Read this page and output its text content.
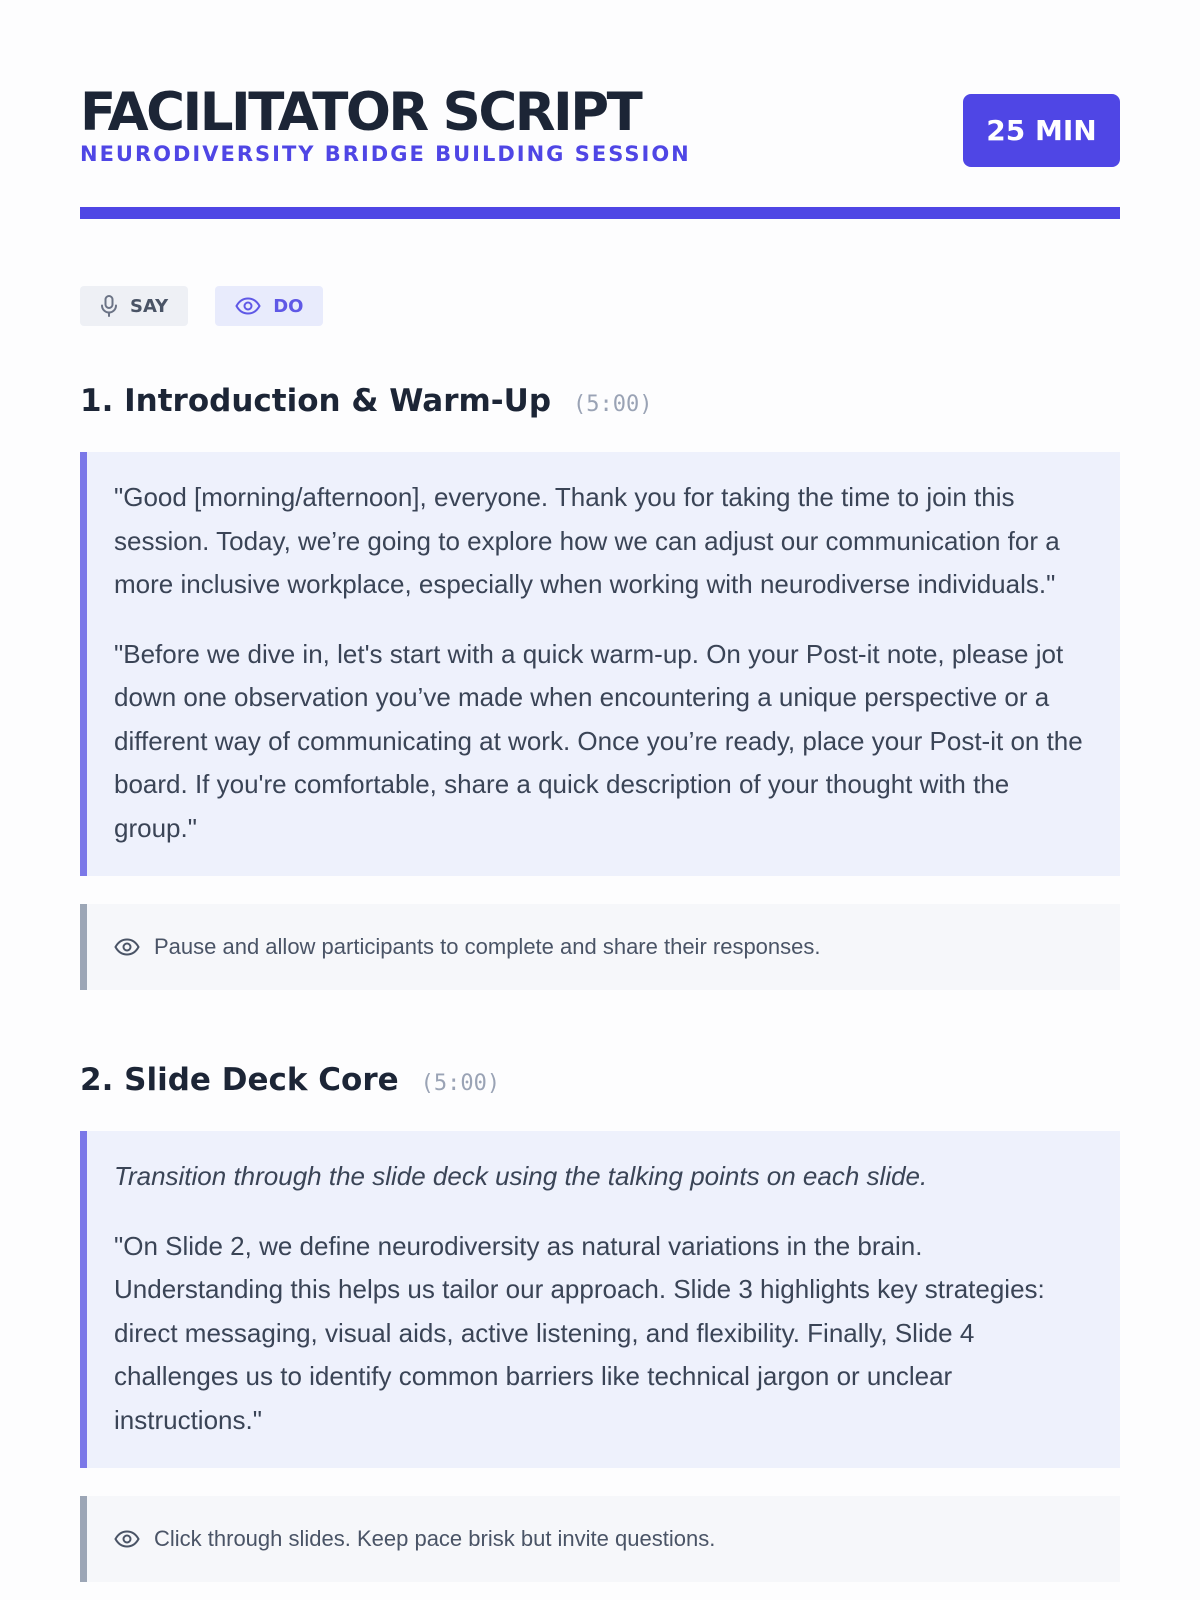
FACILITATOR SCRIPT
NEURODIVERSITY BRIDGE BUILDING SESSION
25 MIN
SAY	DO
1. Introduction & Warm-Up (5:00)

"Good [morning/afternoon], everyone. Thank you for taking the time to join this session. Today, we’re going to explore how we can adjust our communication for a more inclusive workplace, especially when working with neurodiverse individuals."

"Before we dive in, let's start with a quick warm-up. On your Post-it note, please jot down one observation you’ve made when encountering a unique perspective or a different way of communicating at work. Once you’re ready, place your Post-it on the board. If you're comfortable, share a quick description of your thought with the group."

Pause and allow participants to complete and share their responses.
2. Slide Deck Core (5:00)

Transition through the slide deck using the talking points on each slide.

"On Slide 2, we define neurodiversity as natural variations in the brain. Understanding this helps us tailor our approach. Slide 3 highlights key strategies: direct messaging, visual aids, active listening, and flexibility. Finally, Slide 4 challenges us to identify common barriers like technical jargon or unclear instructions."

Click through slides. Keep pace brisk but invite questions.
